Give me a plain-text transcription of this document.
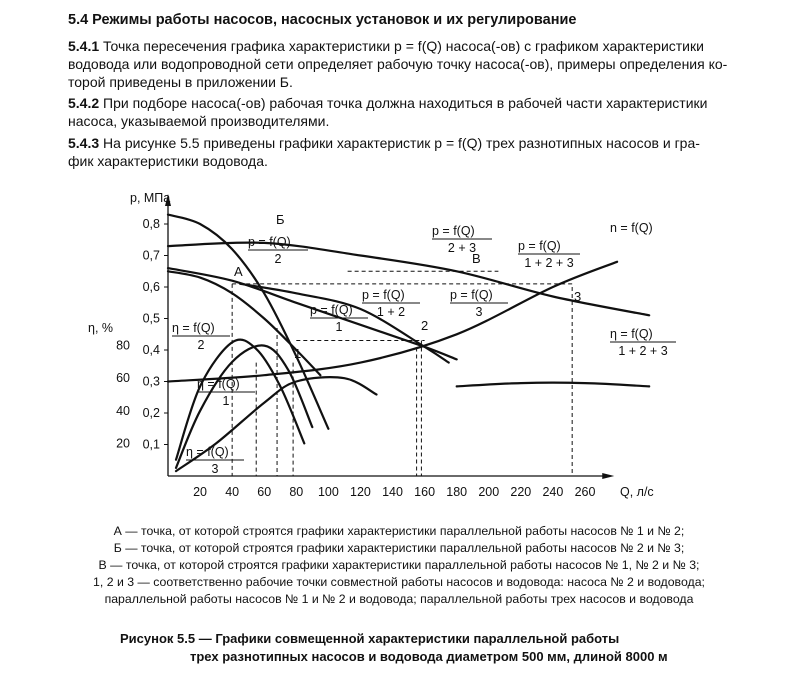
5.4 Режимы работы насосов, насосных установок и их регулирование
5.4.1 Точка пересечения графика характеристики p = f(Q) насоса(-ов) с графиком характеристики
водовода или водопроводной сети определяет рабочую точку насоса(-ов), примеры определения ко-
торой приведены в приложении Б.
5.4.2 При подборе насоса(-ов) рабочая точка должна находиться в рабочей части характеристики
насоса, указываемой производителями.
5.4.3 На рисунке 5.5 приведены графики характеристик p = f(Q) трех разнотипных насосов и гра-
фик характеристики водовода.
p, МПа
η, %
Q, л/с
20 40 60 80 100 120 140 160 180 200 220 240 260
0,1
0,2
0,3
0,4
0,5
0,6
0,7
0,8
20
40
60
80
p = f(Q)
2
p = f(Q)
2 + 3	p = f(Q)
1 + 2 + 3
p = f(Q)
1
p = f(Q)
1 + 2
p = f(Q)
3
η = f(Q)
2
η = f(Q)
1
η = f(Q)
3
η = f(Q)
1 + 2 + 3
n = f(Q)
Б
А
В
1
2
3
А — точка, от которой строятся графики характеристики параллельной работы насосов № 1 и № 2;
Б — точка, от которой строятся графики характеристики параллельной работы насосов № 2 и № 3;
В — точка, от которой строятся графики характеристики параллельной работы насосов № 1, № 2 и № 3;
1, 2 и 3 — соответственно рабочие точки совместной работы насосов и водовода: насоса № 2 и водовода;
параллельной работы насосов № 1 и № 2 и водовода; параллельной работы трех насосов и водовода
Рисунок 5.5 — Графики совмещенной характеристики параллельной работы
трех разнотипных насосов и водовода диаметром 500 мм, длиной 8000 м
